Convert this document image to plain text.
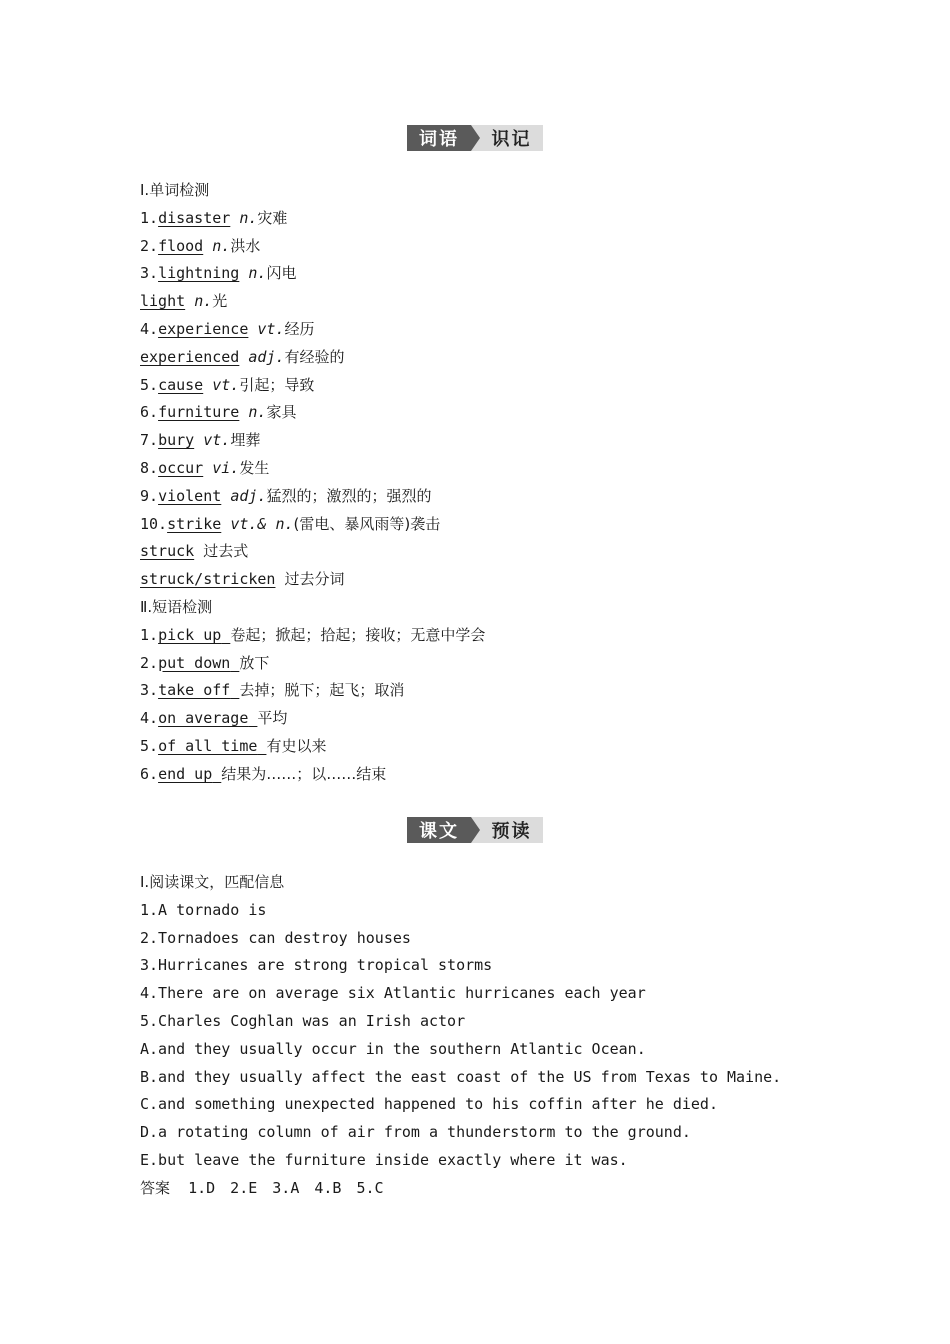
词语	识记
Ⅰ.单词检测
1.disaster n.灾难
2.flood n.洪水
3.lightning n.闪电
light n.光
4.experience vt.经历
experienced adj.有经验的
5.cause vt.引起；导致
6.furniture n.家具
7.bury vt.埋葬
8.occur vi.发生
9.violent adj.猛烈的；激烈的；强烈的
10.strike vt.& n.(雷电、暴风雨等)袭击
struck 过去式
struck/stricken 过去分词
Ⅱ.短语检测
1.pick up 卷起；掀起；拾起；接收；无意中学会
2.put down 放下
3.take off 去掉；脱下；起飞；取消
4.on average 平均
5.of all time 有史以来
6.end up 结果为……；以……结束
课文	预读
Ⅰ.阅读课文，匹配信息
1.A tornado is
2.Tornadoes can destroy houses
3.Hurricanes are strong tropical storms
4.There are on average six Atlantic hurricanes each year
5.Charles Coghlan was an Irish actor
A.and they usually occur in the southern Atlantic Ocean.
B.and they usually affect the east coast of the US from Texas to Maine.
C.and something unexpected happened to his coffin after he died.
D.a rotating column of air from a thunderstorm to the ground.
E.but leave the furniture inside exactly where it was.
答案 1.D　2.E　3.A　4.B　5.C
